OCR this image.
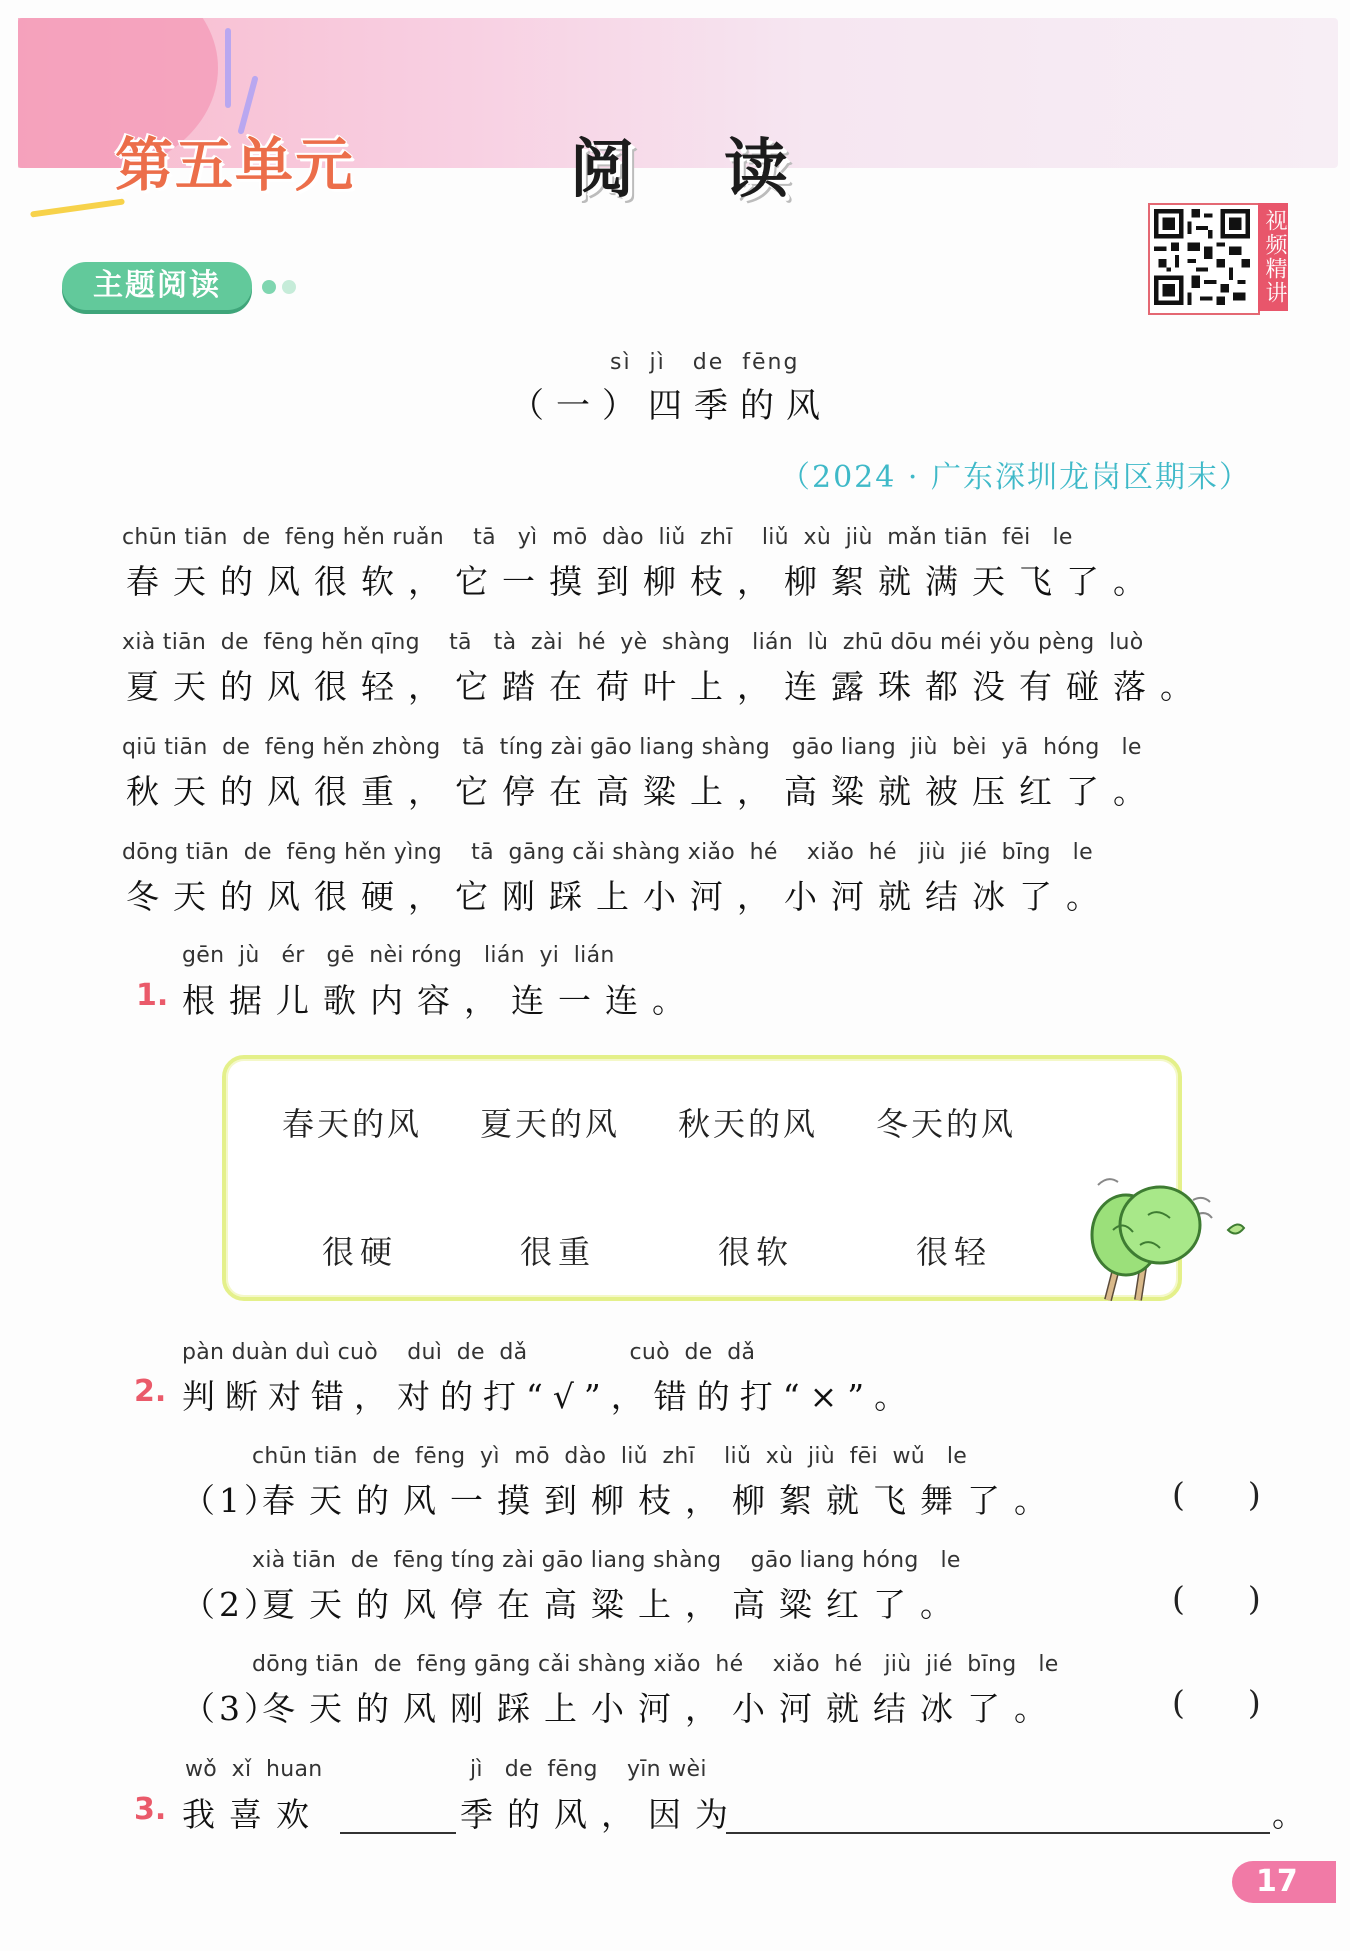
第五单元	阅读
视频精讲
主题阅读
sì  jì   de  fēng
（一）四季的风
（2024 · 广东深圳龙岗区期末）
chūn tiān  de  fēng hěn ruǎn    tā   yì  mō  dào  liǔ  zhī    liǔ  xù  jiù  mǎn tiān  fēi   le
春天的风很软，它一摸到柳枝，柳絮就满天飞了。
xià tiān  de  fēng hěn qīng    tā   tà  zài  hé  yè  shàng   lián  lù  zhū dōu méi yǒu pèng  luò
夏天的风很轻，它踏在荷叶上，连露珠都没有碰落。
qiū tiān  de  fēng hěn zhòng   tā  tíng zài gāo liang shàng   gāo liang  jiù  bèi  yā  hóng   le
秋天的风很重，它停在高粱上，高粱就被压红了。
dōng tiān  de  fēng hěn yìng    tā  gāng cǎi shàng xiǎo  hé    xiǎo  hé   jiù  jié  bīng   le
冬天的风很硬，它刚踩上小河，小河就结冰了。
gēn  jù   ér   gē  nèi róng   lián  yi  lián
1. 根据儿歌内容，连一连。
春天的风 夏天的风 秋天的风 冬天的风
很硬	很重	很软	很轻
pàn duàn duì cuò    duì  de  dǎ              cuò  de  dǎ
2. 判断对错，对的打“√”，错的打“×”。
chūn tiān  de  fēng  yì  mō  dào  liǔ  zhī    liǔ  xù  jiù  fēi  wǔ   le
（1）
春天的风一摸到柳枝，柳絮就飞舞了。	(      )
xià tiān  de  fēng tíng zài gāo liang shàng    gāo liang hóng   le
（2）
夏天的风停在高粱上，高粱红了。	(      )
dōng tiān  de  fēng gāng cǎi shàng xiǎo  hé    xiǎo  hé   jiù  jié  bīng   le
（3）
冬天的风刚踩上小河，小河就结冰了。	(      )
wǒ  xǐ  huan	jì   de  fēng    yīn wèi
3. 我喜欢	季的风，因为	。
17
